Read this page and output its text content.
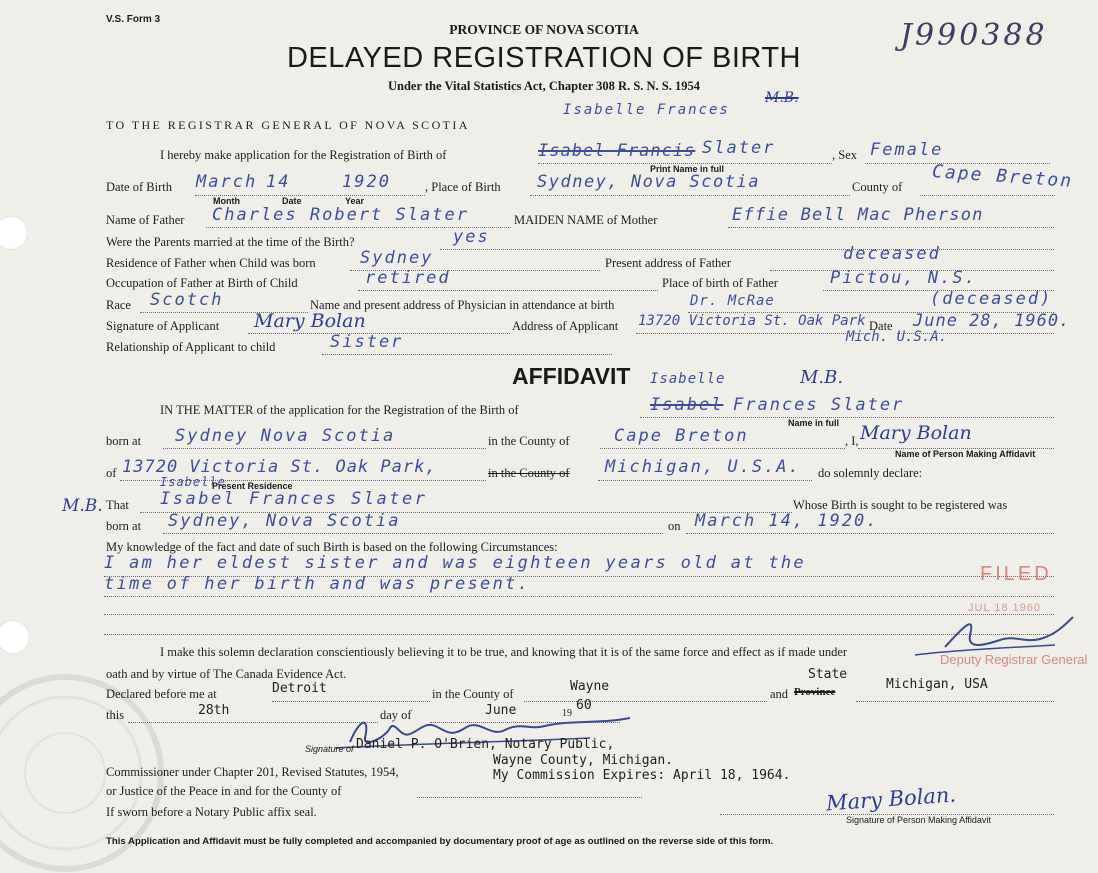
V.S. Form 3	J990388
PROVINCE OF NOVA SCOTIA
DELAYED REGISTRATION OF BIRTH
Under the Vital Statistics Act, Chapter 308 R. S. N. S. 1954
TO THE REGISTRAR GENERAL OF NOVA SCOTIA
I hereby make application for the Registration of Birth of
Isabelle Frances
Isabel Francis Slater
M.B.
Print Name in full
, Sex Female
Date of Birth March 14	1920
Month	Date	Year
, Place of Birth Sydney, Nova Scotia	County of Cape Breton
Name of Father Charles Robert Slater	MAIDEN NAME of Mother	Effie Bell Mac Pherson
Were the Parents married at the time of the Birth?	yes
Residence of Father when Child was born	Sydney	Present address of Father	deceased
Occupation of Father at Birth of Child	retired	Place of birth of Father	Pictou, N.S.
Race Scotch	Name and present address of Physician in attendance at birth	Dr. McRae	(deceased)
Signature of Applicant Mary Bolan	Address of Applicant 13720 Victoria St. Oak Park
Mich. U.S.A.
Date June 28, 1960.
Relationship of Applicant to child	Sister
AFFIDAVIT Isabelle	M.B.
IN THE MATTER of the application for the Registration of the Birth of	Isabel Frances Slater
Name in full
born at Sydney Nova Scotia	in the County of	Cape Breton	, I, Mary Bolan
Name of Person Making Affidavit
of 13720 Victoria St. Oak Park,
Present Residence
in the County of Michigan, U.S.A. do solemnly declare:
M.B.
Isabelle
That Isabel Frances Slater	Whose Birth is sought to be registered was
born at Sydney, Nova Scotia	on March 14, 1920.
My knowledge of the fact and date of such Birth is based on the following Circumstances:
I am her eldest sister and was eighteen years old at the
time of her birth and was present.	FILED
JUL 18 1960
Deputy Registrar General
I make this solemn declaration conscientiously believing it to be true, and knowing that it is of the same force and effect as if made under
oath and by virtue of The Canada Evidence Act.
Declared before me at	Detroit	in the County of	Wayne	and
State
Province	Michigan, USA
this	28th	day of	June	19
60
Signature of Daniel P. O'Brien, Notary Public,
Wayne County, Michigan.
My Commission Expires: April 18, 1964.
Commissioner under Chapter 201, Revised Statutes, 1954,
or Justice of the Peace in and for the County of
If sworn before a Notary Public affix seal.	Mary Bolan.
Signature of Person Making Affidavit
This Application and Affidavit must be fully completed and accompanied by documentary proof of age as outlined on the reverse side of this form.
